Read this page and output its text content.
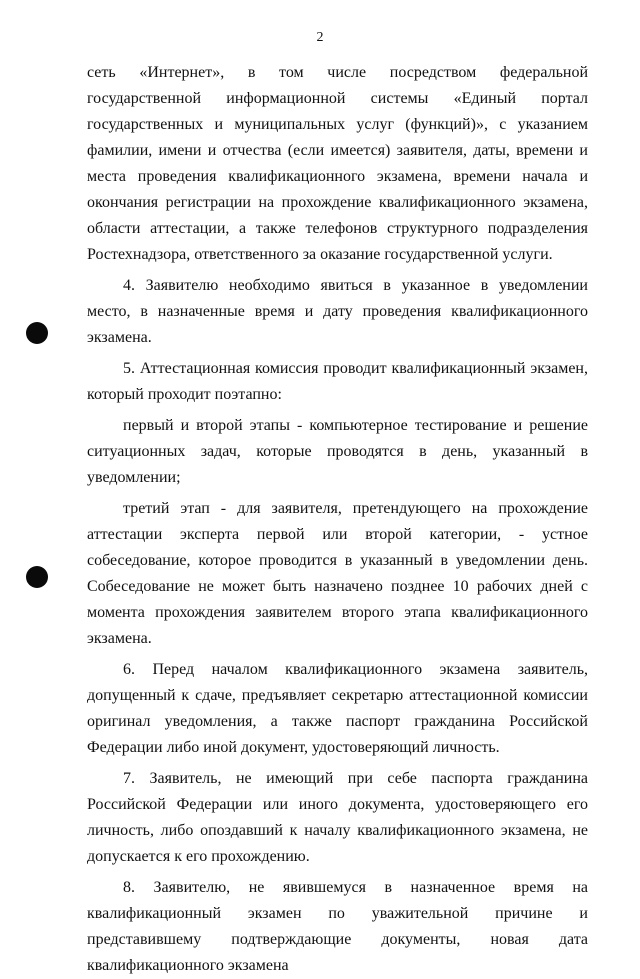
2

сеть «Интернет», в том числе посредством федеральной государственной информационной системы «Единый портал государственных и муниципальных услуг (функций)», с указанием фамилии, имени и отчества (если имеется) заявителя, даты, времени и места проведения квалификационного экзамена, времени начала и окончания регистрации на прохождение квалификационного экзамена, области аттестации, а также телефонов структурного подразделения Ростехнадзора, ответственного за оказание государственной услуги.

4. Заявителю необходимо явиться в указанное в уведомлении место, в назначенные время и дату проведения квалификационного экзамена.

5. Аттестационная комиссия проводит квалификационный экзамен, который проходит поэтапно:

первый и второй этапы - компьютерное тестирование и решение ситуационных задач, которые проводятся в день, указанный в уведомлении;

третий этап - для заявителя, претендующего на прохождение аттестации эксперта первой или второй категории, - устное собеседование, которое проводится в указанный в уведомлении день. Собеседование не может быть назначено позднее 10 рабочих дней с момента прохождения заявителем второго этапа квалификационного экзамена.

6. Перед началом квалификационного экзамена заявитель, допущенный к сдаче, предъявляет секретарю аттестационной комиссии оригинал уведомления, а также паспорт гражданина Российской Федерации либо иной документ, удостоверяющий личность.

7. Заявитель, не имеющий при себе паспорта гражданина Российской Федерации или иного документа, удостоверяющего его личность, либо опоздавший к началу квалификационного экзамена, не допускается к его прохождению.

8. Заявителю, не явившемуся в назначенное время на квалификационный экзамен по уважительной причине и представившему подтверждающие документы, новая дата квалификационного экзамена
